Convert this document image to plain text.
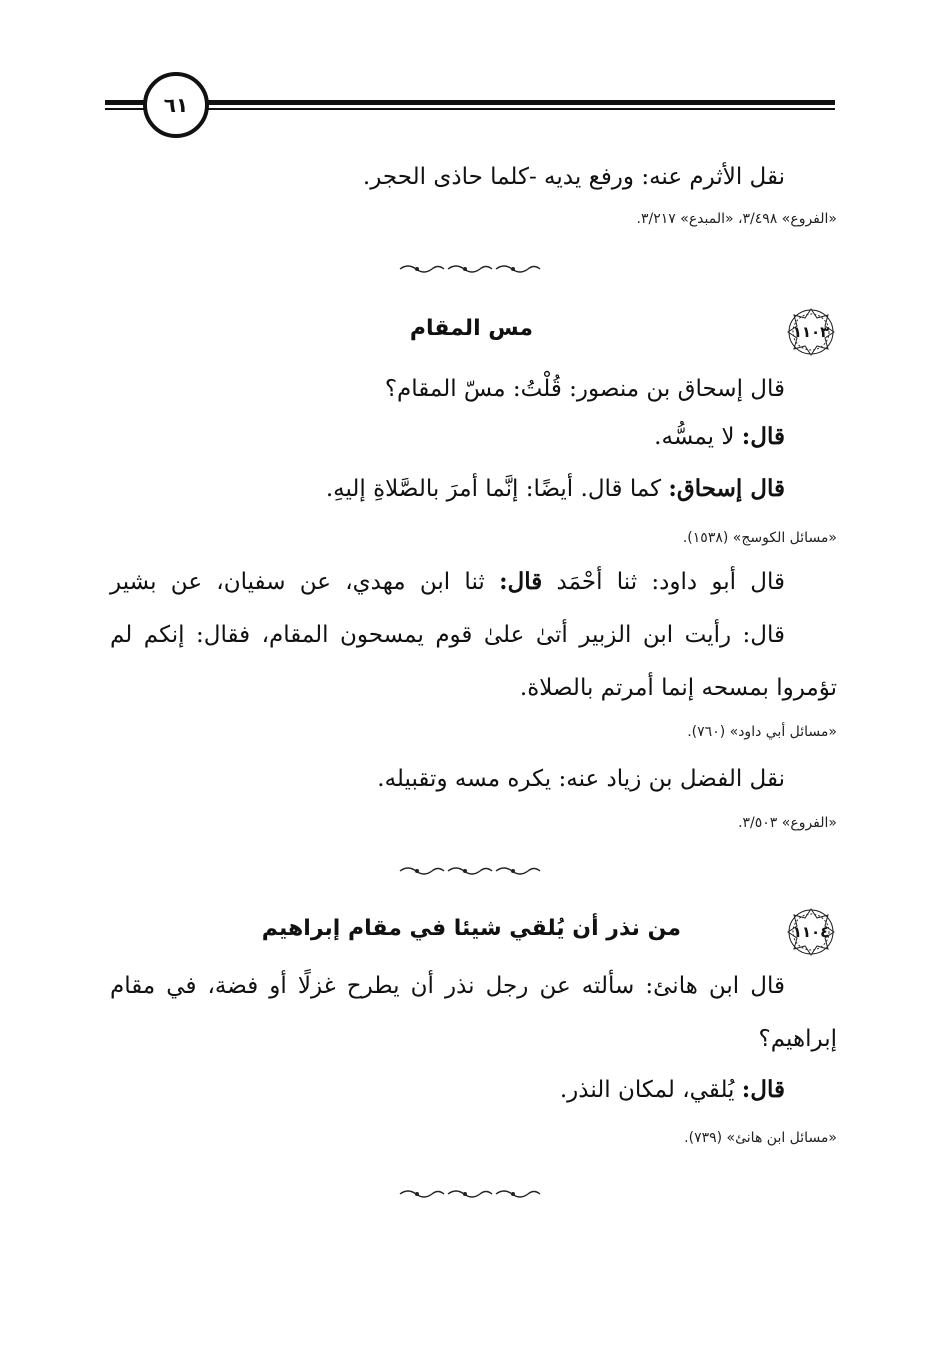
٦١
نقل الأثرم عنه: ورفع يديه -كلما حاذى الحجر.
«الفروع» ٣/٤٩٨، «المبدع» ٣/٢١٧.
١١٠٣
مس المقام
قال إسحاق بن منصور: قُلْتُ: مسّ المقام؟
قال: لا يمسُّه.
قال إسحاق: كما قال. أيضًا: إنَّما أمرَ بالصَّلاةِ إليهِ.
«مسائل الكوسج» (١٥٣٨).
قال أبو داود: ثنا أحْمَد قال: ثنا ابن مهدي، عن سفيان، عن بشير
قال: رأيت ابن الزبير أتىٰ علىٰ قوم يمسحون المقام، فقال: إنكم لم
تؤمروا بمسحه إنما أمرتم بالصلاة.
«مسائل أبي داود» (٧٦٠).
نقل الفضل بن زياد عنه: يكره مسه وتقبيله.
«الفروع» ٣/٥٠٣.
١١٠٤
من نذر أن يُلقي شيئا في مقام إبراهيم
قال ابن هانئ: سألته عن رجل نذر أن يطرح غزلًا أو فضة، في مقام
إبراهيم؟
قال: يُلقي، لمكان النذر.
«مسائل ابن هانئ» (٧٣٩).
